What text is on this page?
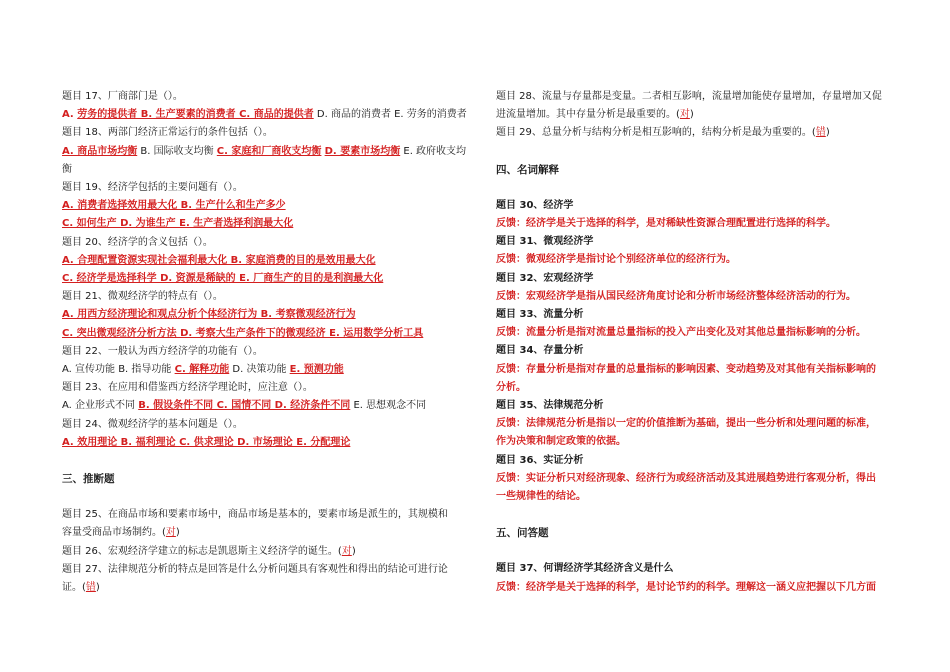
题目 17、厂商部门是（）。
A. 劳务的提供者 B. 生产要素的消费者 C. 商品的提供者 D. 商品的消费者 E. 劳务的消费者
题目 18、两部门经济正常运行的条件包括（）。
A. 商品市场均衡 B. 国际收支均衡 C. 家庭和厂商收支均衡 D. 要素市场均衡 E. 政府收支均
衡
题目 19、经济学包括的主要问题有（）。
A. 消费者选择效用最大化 B. 生产什么和生产多少
C. 如何生产 D. 为谁生产 E. 生产者选择利润最大化
题目 20、经济学的含义包括（）。
A. 合理配置资源实现社会福利最大化 B. 家庭消费的目的是效用最大化
C. 经济学是选择科学 D. 资源是稀缺的 E. 厂商生产的目的是利润最大化
题目 21、微观经济学的特点有（）。
A. 用西方经济理论和观点分析个体经济行为 B. 考察微观经济行为
C. 突出微观经济分析方法 D. 考察大生产条件下的微观经济 E. 运用数学分析工具
题目 22、一般认为西方经济学的功能有（）。
A. 宣传功能 B. 指导功能 C. 解释功能 D. 决策功能 E. 预测功能
题目 23、在应用和借鉴西方经济学理论时，应注意（）。
A. 企业形式不同 B. 假设条件不同 C. 国情不同 D. 经济条件不同 E. 思想观念不同
题目 24、微观经济学的基本问题是（）。
A. 效用理论 B. 福利理论 C. 供求理论 D. 市场理论 E. 分配理论
三、推断题
题目 25、在商品市场和要素市场中，商品市场是基本的，要素市场是派生的，其规模和
容量受商品市场制约。(对)
题目 26、宏观经济学建立的标志是凯恩斯主义经济学的诞生。(对)
题目 27、法律规范分析的特点是回答是什么分析问题具有客观性和得出的结论可进行论
证。(错)
题目 28、流量与存量都是变量。二者相互影响，流量增加能使存量增加，存量增加又促
进流量增加。其中存量分析是最重要的。(对)
题目 29、总量分析与结构分析是相互影响的，结构分析是最为重要的。(错)
四、名词解释
题目 30、经济学
反馈：经济学是关于选择的科学，是对稀缺性资源合理配置进行选择的科学。
题目 31、微观经济学
反馈：微观经济学是指讨论个别经济单位的经济行为。
题目 32、宏观经济学
反馈：宏观经济学是指从国民经济角度讨论和分析市场经济整体经济活动的行为。
题目 33、流量分析
反馈：流量分析是指对流量总量指标的投入产出变化及对其他总量指标影响的分析。
题目 34、存量分析
反馈：存量分析是指对存量的总量指标的影响因素、变动趋势及对其他有关指标影响的
分析。
题目 35、法律规范分析
反馈：法律规范分析是指以一定的价值推断为基础，提出一些分析和处理问题的标准，
作为决策和制定政策的依据。
题目 36、实证分析
反馈：实证分析只对经济现象、经济行为或经济活动及其进展趋势进行客观分析，得出
一些规律性的结论。
五、问答题
题目 37、何谓经济学其经济含义是什么
反馈：经济学是关于选择的科学，是讨论节约的科学。理解这一涵义应把握以下几方面
